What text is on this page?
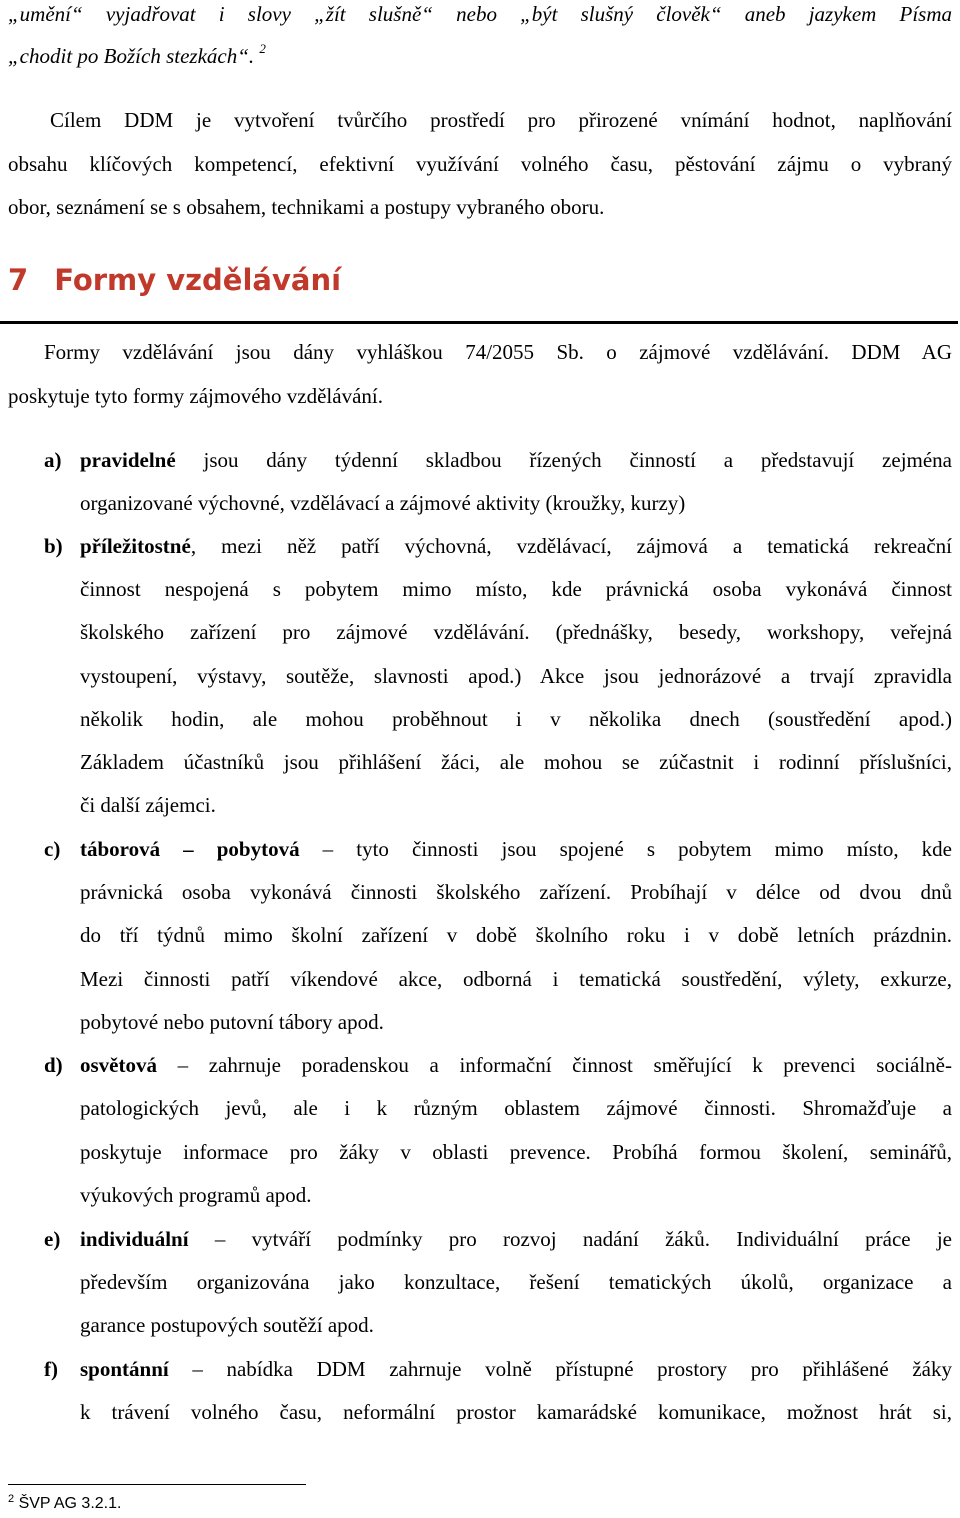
„umění“ vyjadřovat i slovy „žít slušně“ nebo „být slušný člověk“ aneb jazykem Písma
„chodit po Božích stezkách“. $^2$
Cílem DDM je vytvoření tvůrčího prostředí pro přirozené vnímání hodnot, naplňování
obsahu klíčových kompetencí, efektivní využívání volného času, pěstování zájmu o vybraný
obor, seznámení se s obsahem, technikami a postupy vybraného oboru.
7 Formy vzdělávání
Formy vzdělávání jsou dány vyhláškou 74/2055 Sb. o zájmové vzdělávání. DDM AG
poskytuje tyto formy zájmového vzdělávání.
a) pravidelné jsou dány týdenní skladbou řízených činností a představují zejména
organizované výchovné, vzdělávací a zájmové aktivity (kroužky, kurzy)
b) příležitostné, mezi něž patří výchovná, vzdělávací, zájmová a tematická rekreační
činnost nespojená s pobytem mimo místo, kde právnická osoba vykonává činnost
školského zařízení pro zájmové vzdělávání. (přednášky, besedy, workshopy, veřejná
vystoupení, výstavy, soutěže, slavnosti apod.) Akce jsou jednorázové a trvají zpravidla
několik hodin, ale mohou proběhnout i v několika dnech (soustředění apod.)
Základem účastníků jsou přihlášení žáci, ale mohou se zúčastnit i rodinní příslušníci,
či další zájemci.
c) táborová – pobytová – tyto činnosti jsou spojené s pobytem mimo místo, kde
právnická osoba vykonává činnosti školského zařízení. Probíhají v délce od dvou dnů
do tří týdnů mimo školní zařízení v době školního roku i v době letních prázdnin.
Mezi činnosti patří víkendové akce, odborná i tematická soustředění, výlety, exkurze,
pobytové nebo putovní tábory apod.
d) osvětová – zahrnuje poradenskou a informační činnost směřující k prevenci sociálně-
patologických jevů, ale i k různým oblastem zájmové činnosti. Shromažďuje a
poskytuje informace pro žáky v oblasti prevence. Probíhá formou školení, seminářů,
výukových programů apod.
e) individuální – vytváří podmínky pro rozvoj nadání žáků. Individuální práce je
především organizována jako konzultace, řešení tematických úkolů, organizace a
garance postupových soutěží apod.
f) spontánní – nabídka DDM zahrnuje volně přístupné prostory pro přihlášené žáky
k trávení volného času, neformální prostor kamarádské komunikace, možnost hrát si,
$^2$ ŠVP AG 3.2.1.
